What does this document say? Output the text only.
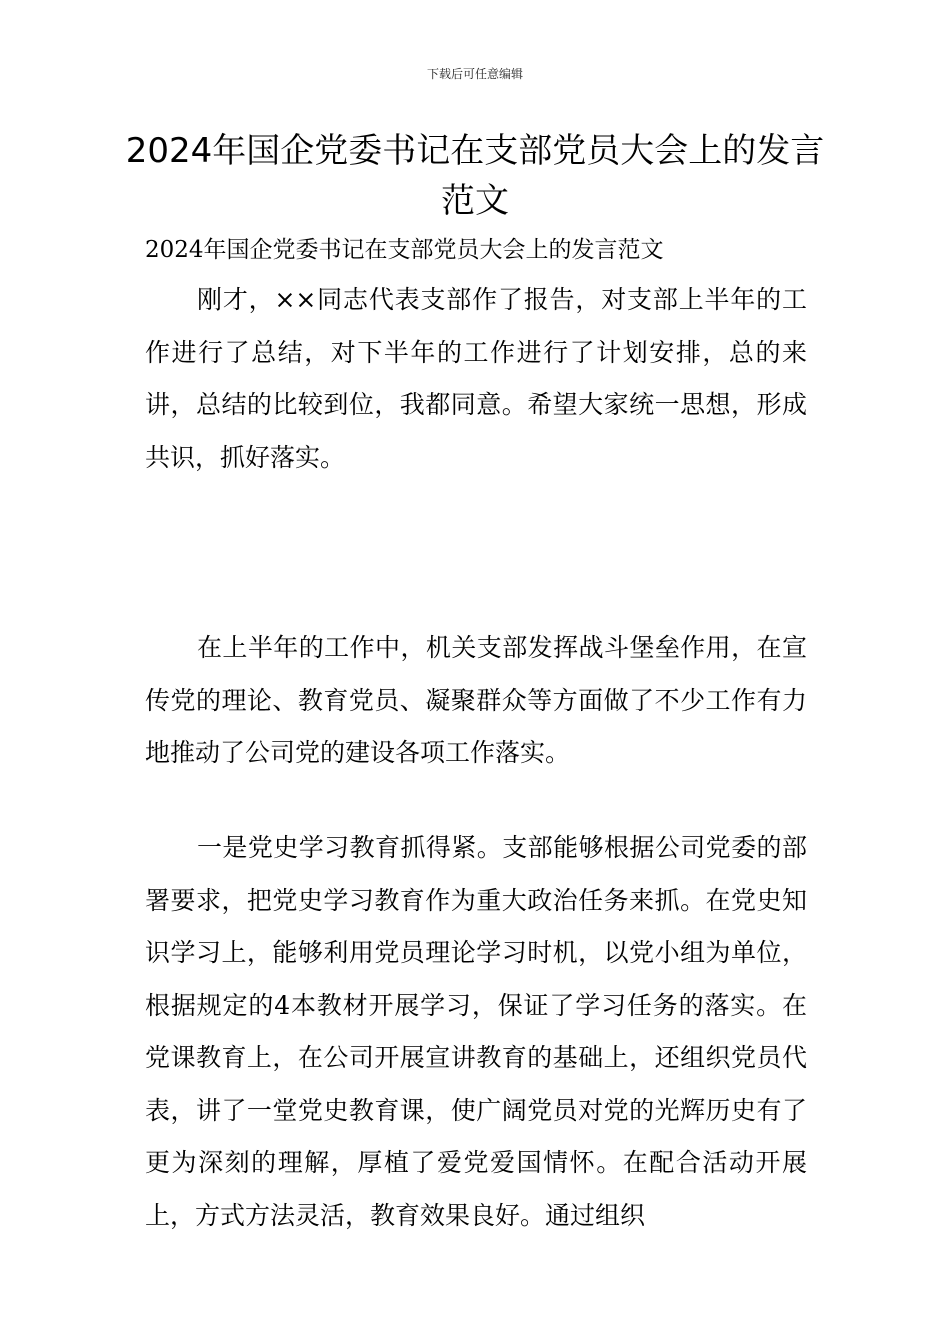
下载后可任意编辑
2024年国企党委书记在支部党员大会上的发言范文
2024年国企党委书记在支部党员大会上的发言范文

刚才，××同志代表支部作了报告，对支部上半年的工作进行了总结，对下半年的工作进行了计划安排，总的来讲，总结的比较到位，我都同意。希望大家统一思想，形成共识，抓好落实。

在上半年的工作中，机关支部发挥战斗堡垒作用，在宣传党的理论、教育党员、凝聚群众等方面做了不少工作有力地推动了公司党的建设各项工作落实。

一是党史学习教育抓得紧。支部能够根据公司党委的部署要求，把党史学习教育作为重大政治任务来抓。在党史知识学习上，能够利用党员理论学习时机，以党小组为单位，根据规定的4本教材开展学习，保证了学习任务的落实。在党课教育上，在公司开展宣讲教育的基础上，还组织党员代表，讲了一堂党史教育课，使广阔党员对党的光辉历史有了更为深刻的理解，厚植了爱党爱国情怀。在配合活动开展上，方式方法灵活，教育效果良好。通过组织
